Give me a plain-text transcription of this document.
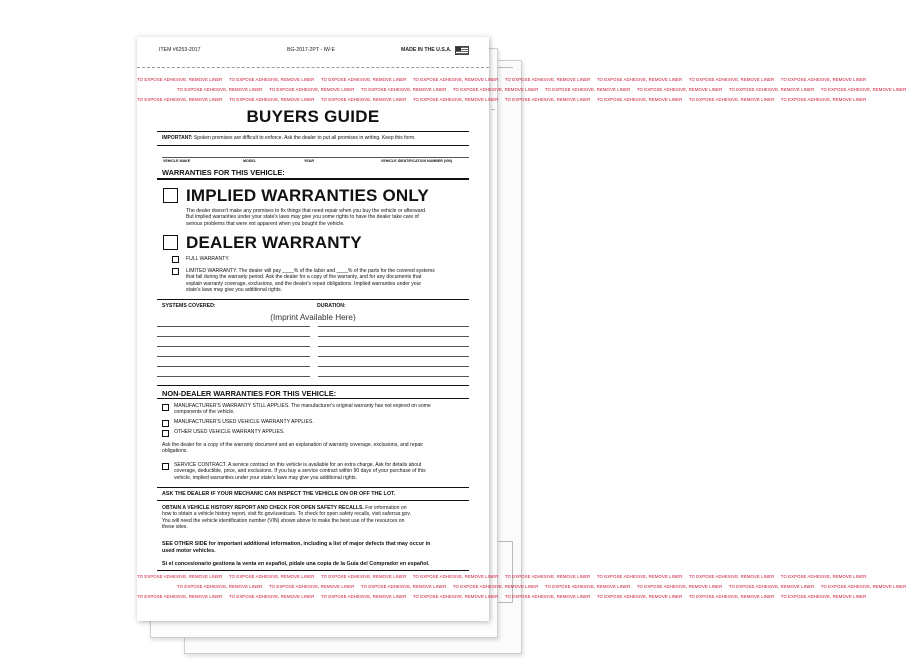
ITEM #6253-2017	BG-2017-2PT - IW-E	MADE IN THE U.S.A.
TO EXPOSE ADHESIVE, REMOVE LINER     TO EXPOSE ADHESIVE, REMOVE LINER     TO EXPOSE ADHESIVE, REMOVE LINER     TO EXPOSE ADHESIVE, REMOVE LINER     TO EXPOSE ADHESIVE, REMOVE LINER     TO EXPOSE ADHESIVE, REMOVE LINER     TO EXPOSE ADHESIVE, REMOVE LINER     TO EXPOSE ADHESIVE, REMOVE LINER
TO EXPOSE ADHESIVE, REMOVE LINER     TO EXPOSE ADHESIVE, REMOVE LINER     TO EXPOSE ADHESIVE, REMOVE LINER     TO EXPOSE ADHESIVE, REMOVE LINER     TO EXPOSE ADHESIVE, REMOVE LINER     TO EXPOSE ADHESIVE, REMOVE LINER     TO EXPOSE ADHESIVE, REMOVE LINER     TO EXPOSE ADHESIVE, REMOVE LINER
TO EXPOSE ADHESIVE, REMOVE LINER     TO EXPOSE ADHESIVE, REMOVE LINER     TO EXPOSE ADHESIVE, REMOVE LINER     TO EXPOSE ADHESIVE, REMOVE LINER     TO EXPOSE ADHESIVE, REMOVE LINER     TO EXPOSE ADHESIVE, REMOVE LINER     TO EXPOSE ADHESIVE, REMOVE LINER     TO EXPOSE ADHESIVE, REMOVE LINER
BUYERS GUIDE
IMPORTANT: Spoken promises are difficult to enforce. Ask the dealer to put all promises in writing. Keep this form.
VEHICLE MAKE	MODEL	YEAR	VEHICLE IDENTIFICATION NUMBER (VIN)
WARRANTIES FOR THIS VEHICLE:
IMPLIED WARRANTIES ONLY
The dealer doesn't make any promises to fix things that need repair when you buy the vehicle or afterward.
But implied warranties under your state's laws may give you some rights to have the dealer take care of
serious problems that were not apparent when you bought the vehicle.
DEALER WARRANTY
FULL WARRANTY.
LIMITED WARRANTY. The dealer will pay ____% of the labor and ____% of the parts for the covered systems
that fail during the warranty period. Ask the dealer for a copy of the warranty, and for any documents that
explain warranty coverage, exclusions, and the dealer's repair obligations. Implied warranties under your
state's laws may give you additional rights.
SYSTEMS COVERED:	DURATION:
(Imprint Available Here)
NON-DEALER WARRANTIES FOR THIS VEHICLE:
MANUFACTURER'S WARRANTY STILL APPLIES. The manufacturer's original warranty has not expired on some
components of the vehicle.
MANUFACTURER'S USED VEHICLE WARRANTY APPLIES.
OTHER USED VEHICLE WARRANTY APPLIES.
Ask the dealer for a copy of the warranty document and an explanation of warranty coverage, exclusions, and repair
obligations.
SERVICE CONTRACT. A service contract on this vehicle is available for an extra charge. Ask for details about
coverage, deductible, price, and exclusions. If you buy a service contract within 90 days of your purchase of this
vehicle, implied warranties under your state's laws may give you additional rights.
ASK THE DEALER IF YOUR MECHANIC CAN INSPECT THE VEHICLE ON OR OFF THE LOT.
OBTAIN A VEHICLE HISTORY REPORT AND CHECK FOR OPEN SAFETY RECALLS. For information on
how to obtain a vehicle history report, visit ftc.gov/usedcars. To check for open safety recalls, visit safercar.gov.
You will need the vehicle identification number (VIN) shown above to make the best use of the resources on
these sites.
SEE OTHER SIDE for important additional information, including a list of major defects that may occur in
used motor vehicles.
Si el concesionario gestiona la venta en español, pídale una copia de la Guía del Comprador en español.
TO EXPOSE ADHESIVE, REMOVE LINER     TO EXPOSE ADHESIVE, REMOVE LINER     TO EXPOSE ADHESIVE, REMOVE LINER     TO EXPOSE ADHESIVE, REMOVE LINER     TO EXPOSE ADHESIVE, REMOVE LINER     TO EXPOSE ADHESIVE, REMOVE LINER     TO EXPOSE ADHESIVE, REMOVE LINER     TO EXPOSE ADHESIVE, REMOVE LINER
TO EXPOSE ADHESIVE, REMOVE LINER     TO EXPOSE ADHESIVE, REMOVE LINER     TO EXPOSE ADHESIVE, REMOVE LINER     TO EXPOSE ADHESIVE, REMOVE LINER     TO EXPOSE ADHESIVE, REMOVE LINER     TO EXPOSE ADHESIVE, REMOVE LINER     TO EXPOSE ADHESIVE, REMOVE LINER     TO EXPOSE ADHESIVE, REMOVE LINER
TO EXPOSE ADHESIVE, REMOVE LINER     TO EXPOSE ADHESIVE, REMOVE LINER     TO EXPOSE ADHESIVE, REMOVE LINER     TO EXPOSE ADHESIVE, REMOVE LINER     TO EXPOSE ADHESIVE, REMOVE LINER     TO EXPOSE ADHESIVE, REMOVE LINER     TO EXPOSE ADHESIVE, REMOVE LINER     TO EXPOSE ADHESIVE, REMOVE LINER
